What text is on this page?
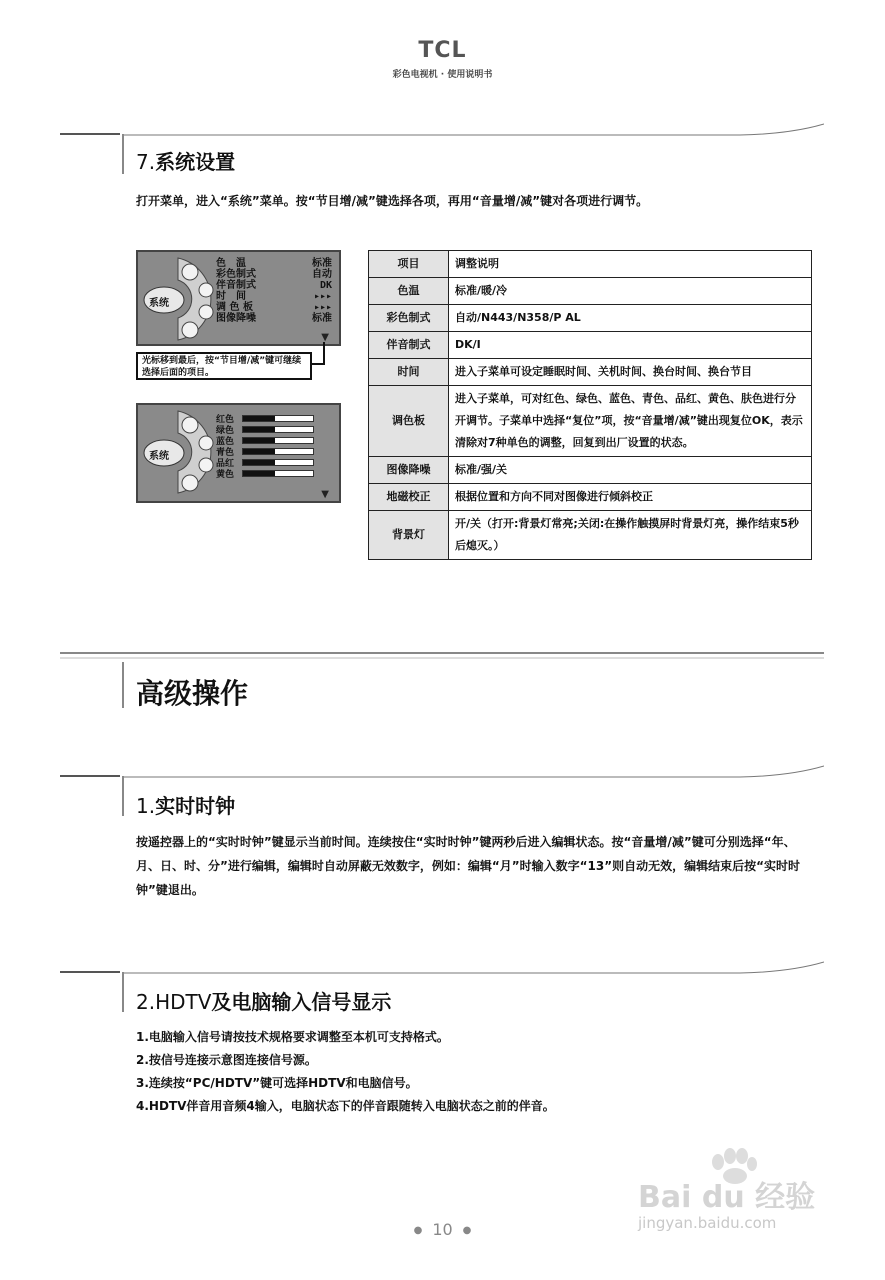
TCL
彩色电视机 · 使用说明书
7.系统设置
打开菜单，进入“系统”菜单。按“节目增/减”键选择各项，再用“音量增/减”键对各项进行调节。
系统
色　温	标准
彩色制式	自动
伴音制式	DK
时　间	▸▸▸
调 色 板	▸▸▸
图像降噪	标准
▼
光标移到最后，按“节目增/减”键可继续选择后面的项目。
系统
红色
绿色
蓝色
青色
品红
黄色
▼
项目	调整说明
色温	标准/暖/冷
彩色制式	自动/N443/N358/P AL
伴音制式	DK/I
时间	进入子菜单可设定睡眠时间、关机时间、换台时间、换台节目
调色板	进入子菜单，可对红色、绿色、蓝色、青色、品红、黄色、肤色进行分开调节。子菜单中选择“复位”项，按“音量增/减”键出现复位OK，表示清除对7种单色的调整，回复到出厂设置的状态。
图像降噪	标准/强/关
地磁校正	根据位置和方向不同对图像进行倾斜校正
背景灯	开/关（打开:背景灯常亮;关闭:在操作触摸屏时背景灯亮，操作结束5秒后熄灭。）
高级操作
1.实时时钟
按遥控器上的“实时时钟”键显示当前时间。连续按住“实时时钟”键两秒后进入编辑状态。按“音量增/减”键可分别选择“年、月、日、时、分”进行编辑，编辑时自动屏蔽无效数字，例如：编辑“月”时输入数字“13”则自动无效，编辑结束后按“实时时钟”键退出。
2.HDTV及电脑输入信号显示
1.电脑输入信号请按技术规格要求调整至本机可支持格式。
2.按信号连接示意图连接信号源。
3.连续按“PC/HDTV”键可选择HDTV和电脑信号。
4.HDTV伴音用音频4输入，电脑状态下的伴音跟随转入电脑状态之前的伴音。
Bai du 经验
jingyan.baidu.com
● 10 ●
